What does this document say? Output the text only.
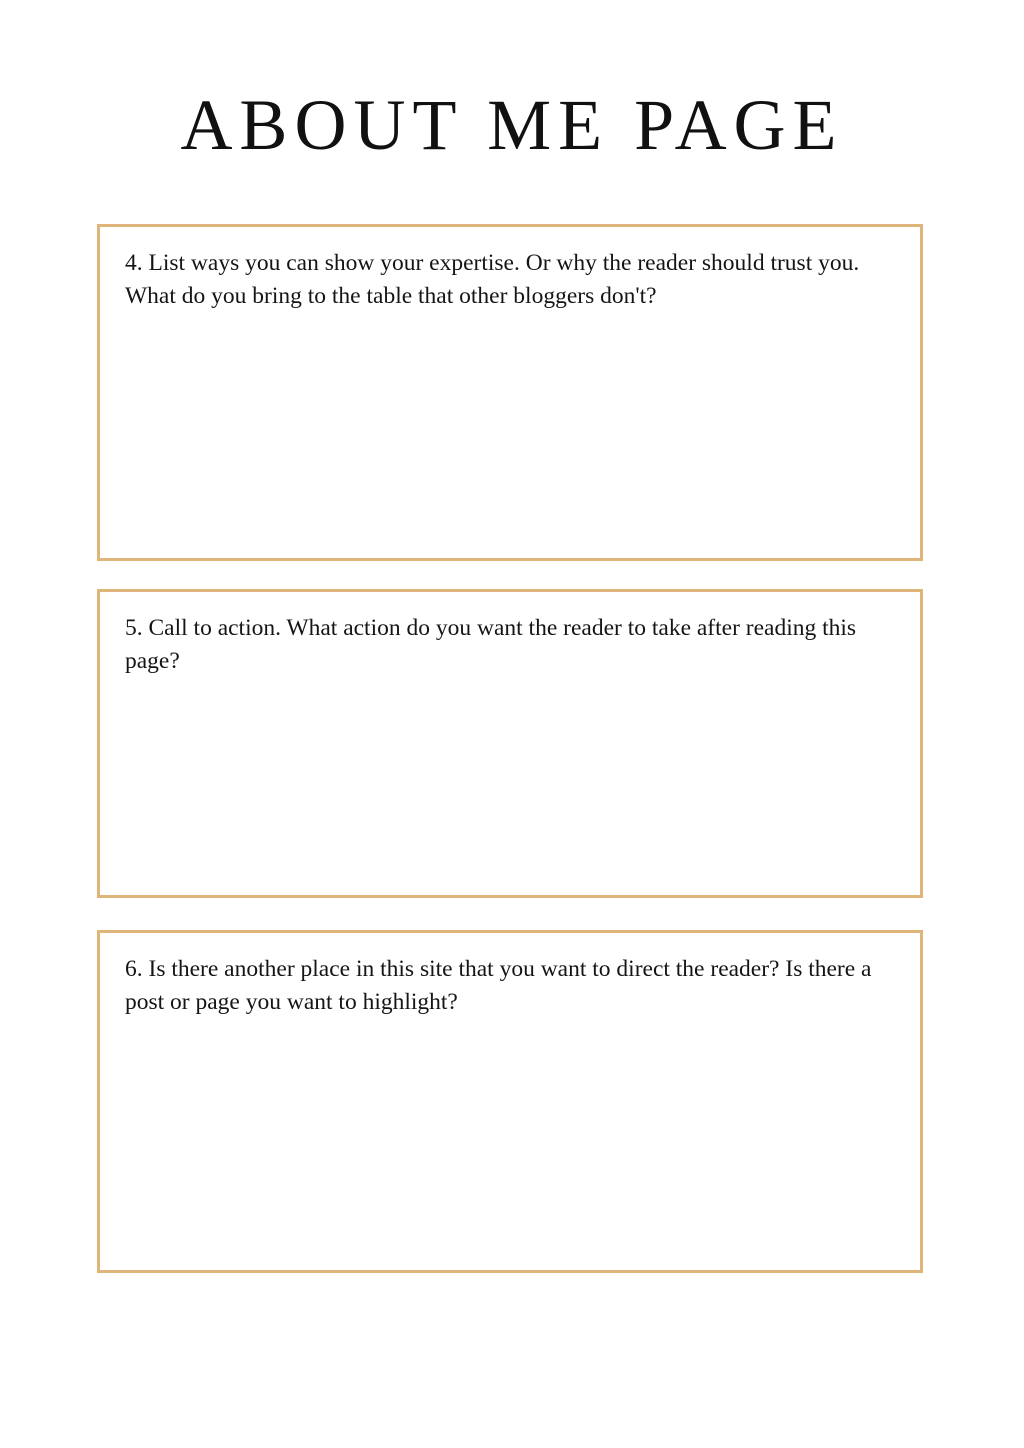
ABOUT ME PAGE

4. List ways you can show your expertise. Or why the reader should trust you. What do you bring to the table that other bloggers don't?

5. Call to action. What action do you want the reader to take after reading this page?

6. Is there another place in this site that you want to direct the reader? Is there a post or page you want to highlight?
